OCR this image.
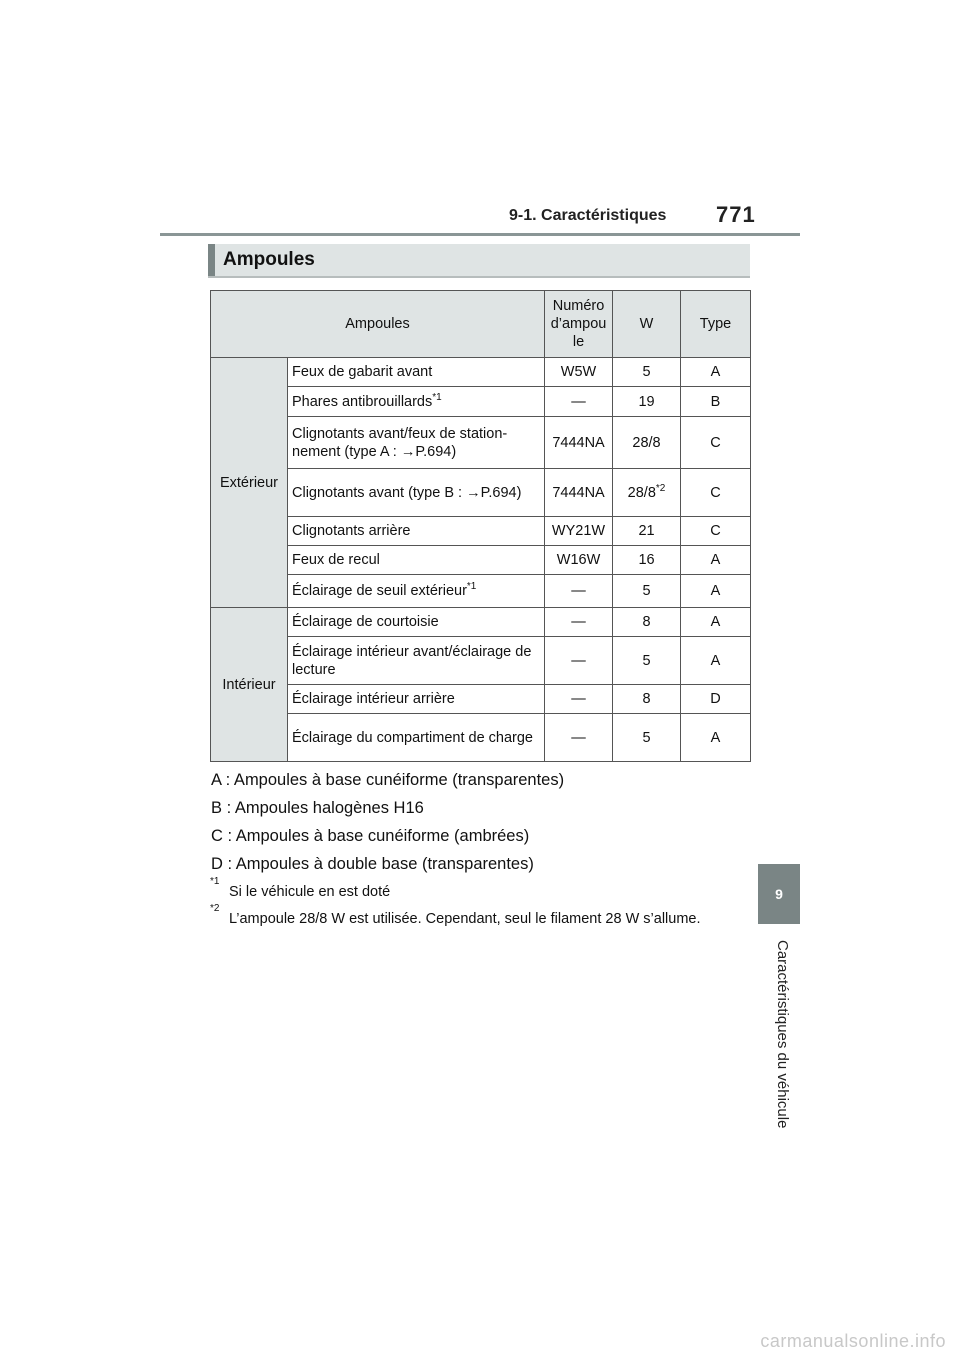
9-1. Caractéristiques 771
Ampoules
Ampoules		Numéro d’ampou le	W	Type
Extérieur	Feux de gabarit avant	W5W	5	A
	Phares antibrouillards$^{*1}$	—	19	B
	Clignotants avant/feux de station-nement (type A : →P.694)	7444NA	28/8	C
	Clignotants avant (type B : →P.694)	7444NA	28/8$^{*2}$	C
	Clignotants arrière	WY21W	21	C
	Feux de recul	W16W	16	A
	Éclairage de seuil extérieur$^{*1}$	—	5	A
Intérieur	Éclairage de courtoisie	—	8	A
	Éclairage intérieur avant/éclairage de lecture	—	5	A
	Éclairage intérieur arrière	—	8	D
	Éclairage du compartiment de charge	—	5	A
A : Ampoules à base cunéiforme (transparentes)
B : Ampoules halogènes H16
C : Ampoules à base cunéiforme (ambrées)
D : Ampoules à double base (transparentes)
*1
Si le véhicule en est doté
*2
L’ampoule 28/8 W est utilisée. Cependant, seul le filament 28 W s’allume.
9
Caractéristiques du véhicule
carmanualsonline.info
